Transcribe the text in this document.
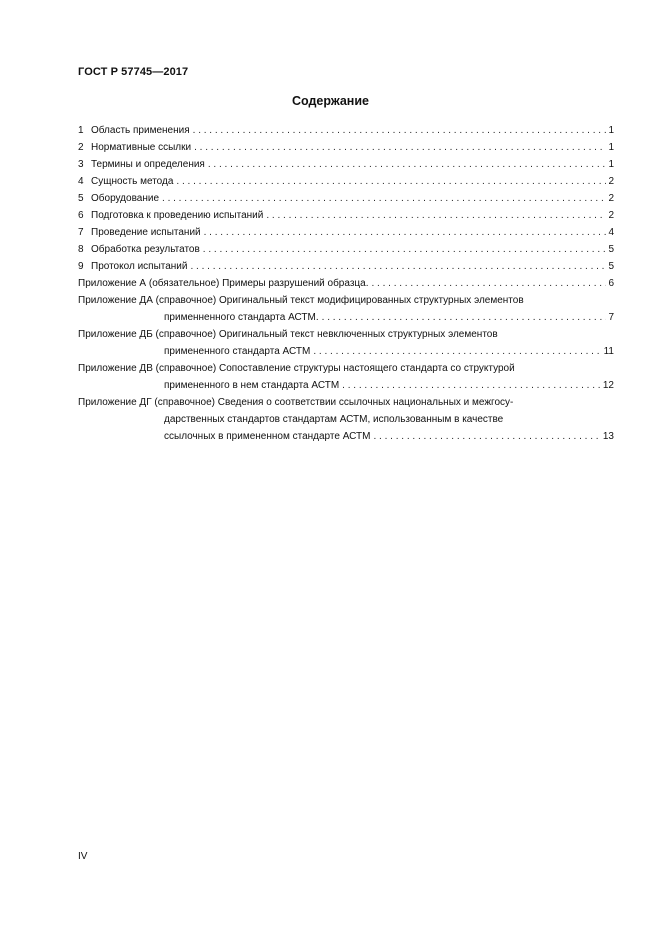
ГОСТ Р 57745—2017
Содержание
1 Область применения . . .	1
2 Нормативные ссылки . . .	1
3 Термины и определения . . .	1
4 Сущность метода . . .	2
5 Оборудование . . .	2
6 Подготовка к проведению испытаний . . .	2
7 Проведение испытаний . . .	4
8 Обработка результатов . . .	5
9 Протокол испытаний . . .	5
Приложение А (обязательное) Примеры разрушений образца. . . .	6
Приложение ДА (справочное) Оригинальный текст модифицированных структурных элементов
применненного стандарта АСТМ. . . .	7
Приложение ДБ (справочное) Оригинальный текст невключенных структурных элементов
примененного стандарта АСТМ . . .	11
Приложение ДВ (справочное) Сопоставление структуры настоящего стандарта со структурой
примененного в нем стандарта АСТМ . . .	12
Приложение ДГ (справочное) Сведения о соответствии ссылочных национальных и межгосу-
дарственных стандартов стандартам АСТМ, использованным в качестве
ссылочных в примененном стандарте АСТМ . . .	13
IV
